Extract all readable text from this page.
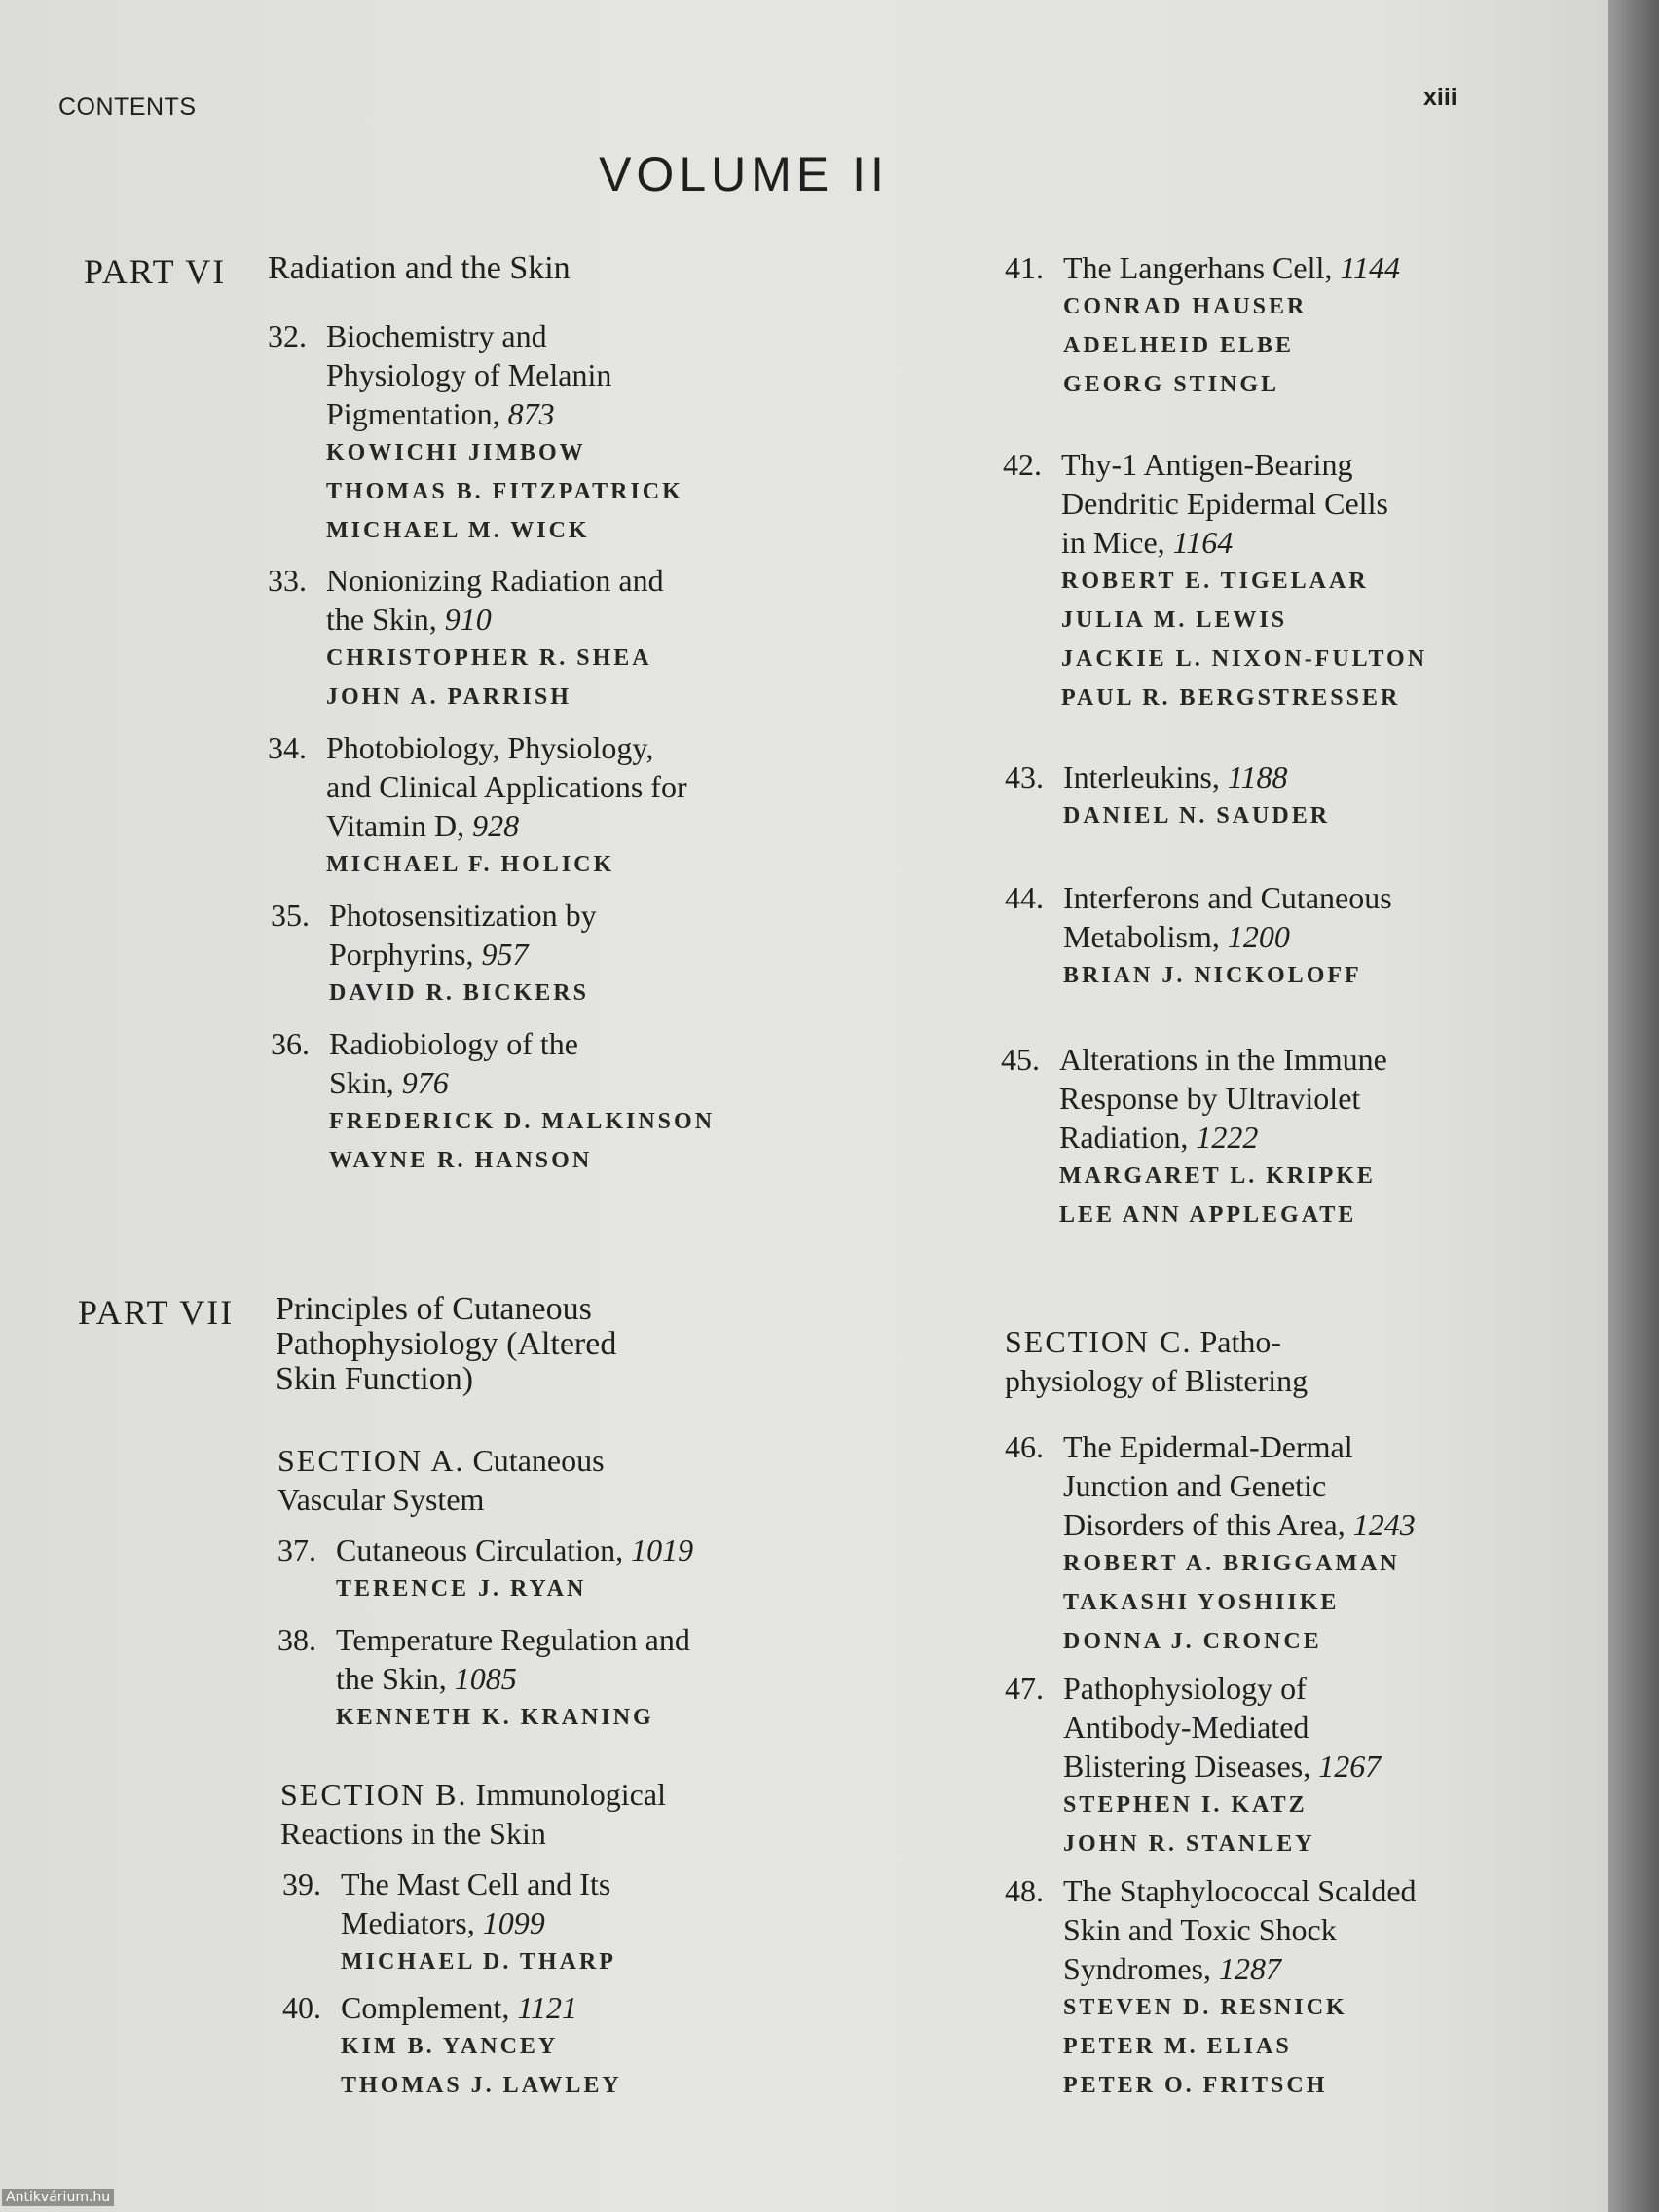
CONTENTS	xiii
VOLUME II
PART VI Radiation and the Skin
32. Biochemistry and
Physiology of Melanin
Pigmentation, 873
KOWICHI JIMBOW
THOMAS B. FITZPATRICK
MICHAEL M. WICK
33. Nonionizing Radiation and
the Skin, 910
CHRISTOPHER R. SHEA
JOHN A. PARRISH
34. Photobiology, Physiology,
and Clinical Applications for
Vitamin D, 928
MICHAEL F. HOLICK
35. Photosensitization by
Porphyrins, 957
DAVID R. BICKERS
36. Radiobiology of the
Skin, 976
FREDERICK D. MALKINSON
WAYNE R. HANSON
PART VII Principles of Cutaneous
Pathophysiology (Altered
Skin Function)
SECTION A. Cutaneous
Vascular System
37. Cutaneous Circulation, 1019
TERENCE J. RYAN
38. Temperature Regulation and
the Skin, 1085
KENNETH K. KRANING
SECTION B. Immunological
Reactions in the Skin
39. The Mast Cell and Its
Mediators, 1099
MICHAEL D. THARP
40. Complement, 1121
KIM B. YANCEY
THOMAS J. LAWLEY
41. The Langerhans Cell, 1144
CONRAD HAUSER
ADELHEID ELBE
GEORG STINGL
42. Thy-1 Antigen-Bearing
Dendritic Epidermal Cells
in Mice, 1164
ROBERT E. TIGELAAR
JULIA M. LEWIS
JACKIE L. NIXON-FULTON
PAUL R. BERGSTRESSER
43. Interleukins, 1188
DANIEL N. SAUDER
44. Interferons and Cutaneous
Metabolism, 1200
BRIAN J. NICKOLOFF
45. Alterations in the Immune
Response by Ultraviolet
Radiation, 1222
MARGARET L. KRIPKE
LEE ANN APPLEGATE
SECTION C. Patho-
physiology of Blistering
46. The Epidermal-Dermal
Junction and Genetic
Disorders of this Area, 1243
ROBERT A. BRIGGAMAN
TAKASHI YOSHIIKE
DONNA J. CRONCE
47. Pathophysiology of
Antibody-Mediated
Blistering Diseases, 1267
STEPHEN I. KATZ
JOHN R. STANLEY
48. The Staphylococcal Scalded
Skin and Toxic Shock
Syndromes, 1287
STEVEN D. RESNICK
PETER M. ELIAS
PETER O. FRITSCH
Antikvárium.hu
